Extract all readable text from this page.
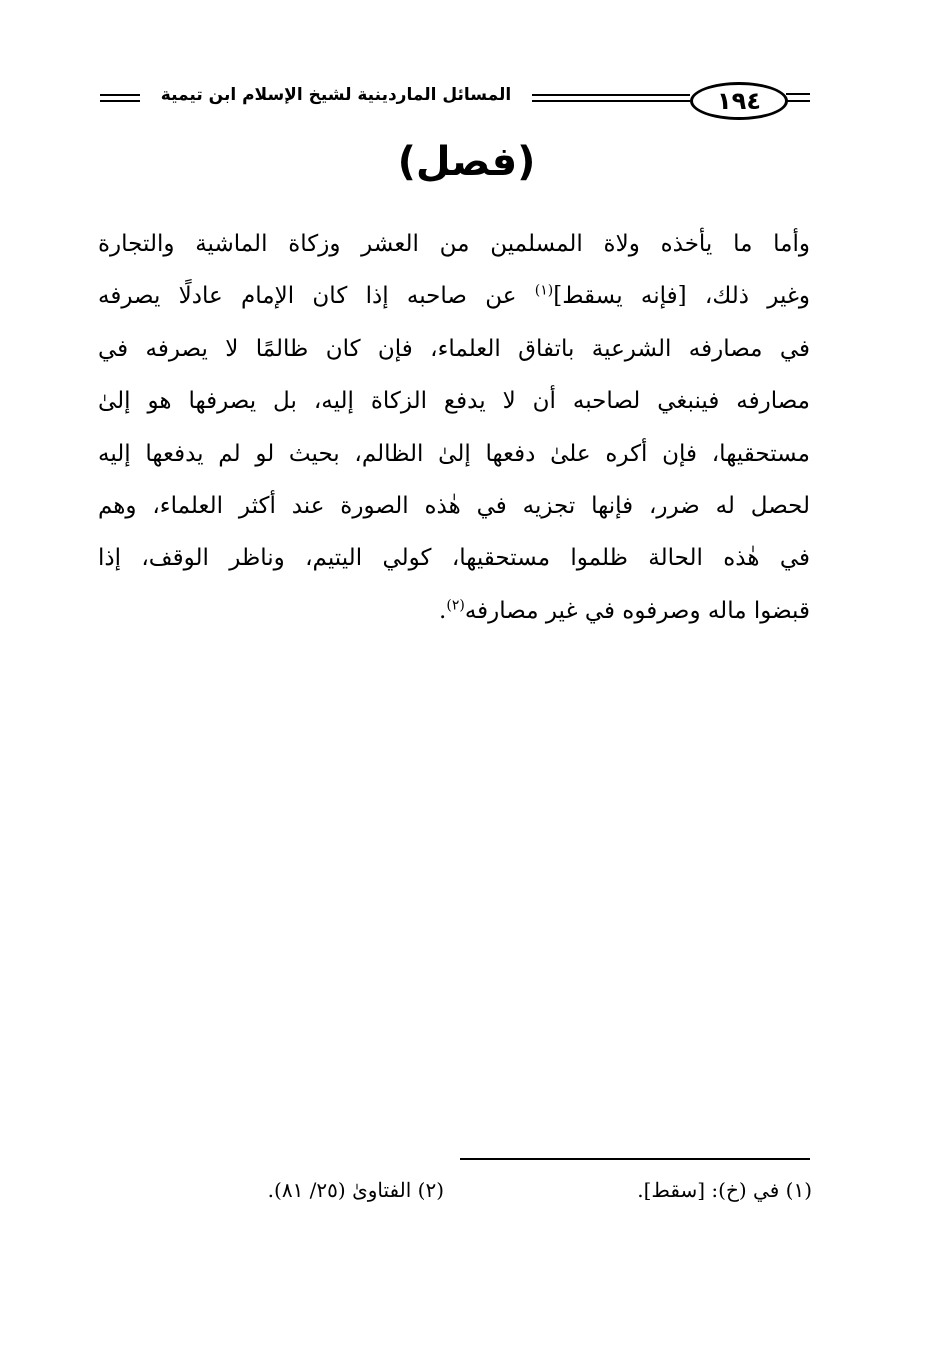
المسائل الماردينية لشيخ الإسلام ابن تيمية	١٩٤
(فصل)
وأما ما يأخذه ولاة المسلمين من العشر وزكاة الماشية والتجارة
وغير ذلك، [فإنه يسقط]$^{(١)}$ عن صاحبه إذا كان الإمام عادلًا يصرفه
في مصارفه الشرعية باتفاق العلماء، فإن كان ظالمًا لا يصرفه في
مصارفه فينبغي لصاحبه أن لا يدفع الزكاة إليه، بل يصرفها هو إلىٰ
مستحقيها، فإن أكره علىٰ دفعها إلىٰ الظالم، بحيث لو لم يدفعها إليه
لحصل له ضرر، فإنها تجزيه في هٰذه الصورة عند أكثر العلماء، وهم
في هٰذه الحالة ظلموا مستحقيها، كولي اليتيم، وناظر الوقف، إذا
قبضوا ماله وصرفوه في غير مصارفه$^{(٢)}$.
(١) في (خ): [سقط].
(٢) الفتاوىٰ (٢٥/ ٨١).
